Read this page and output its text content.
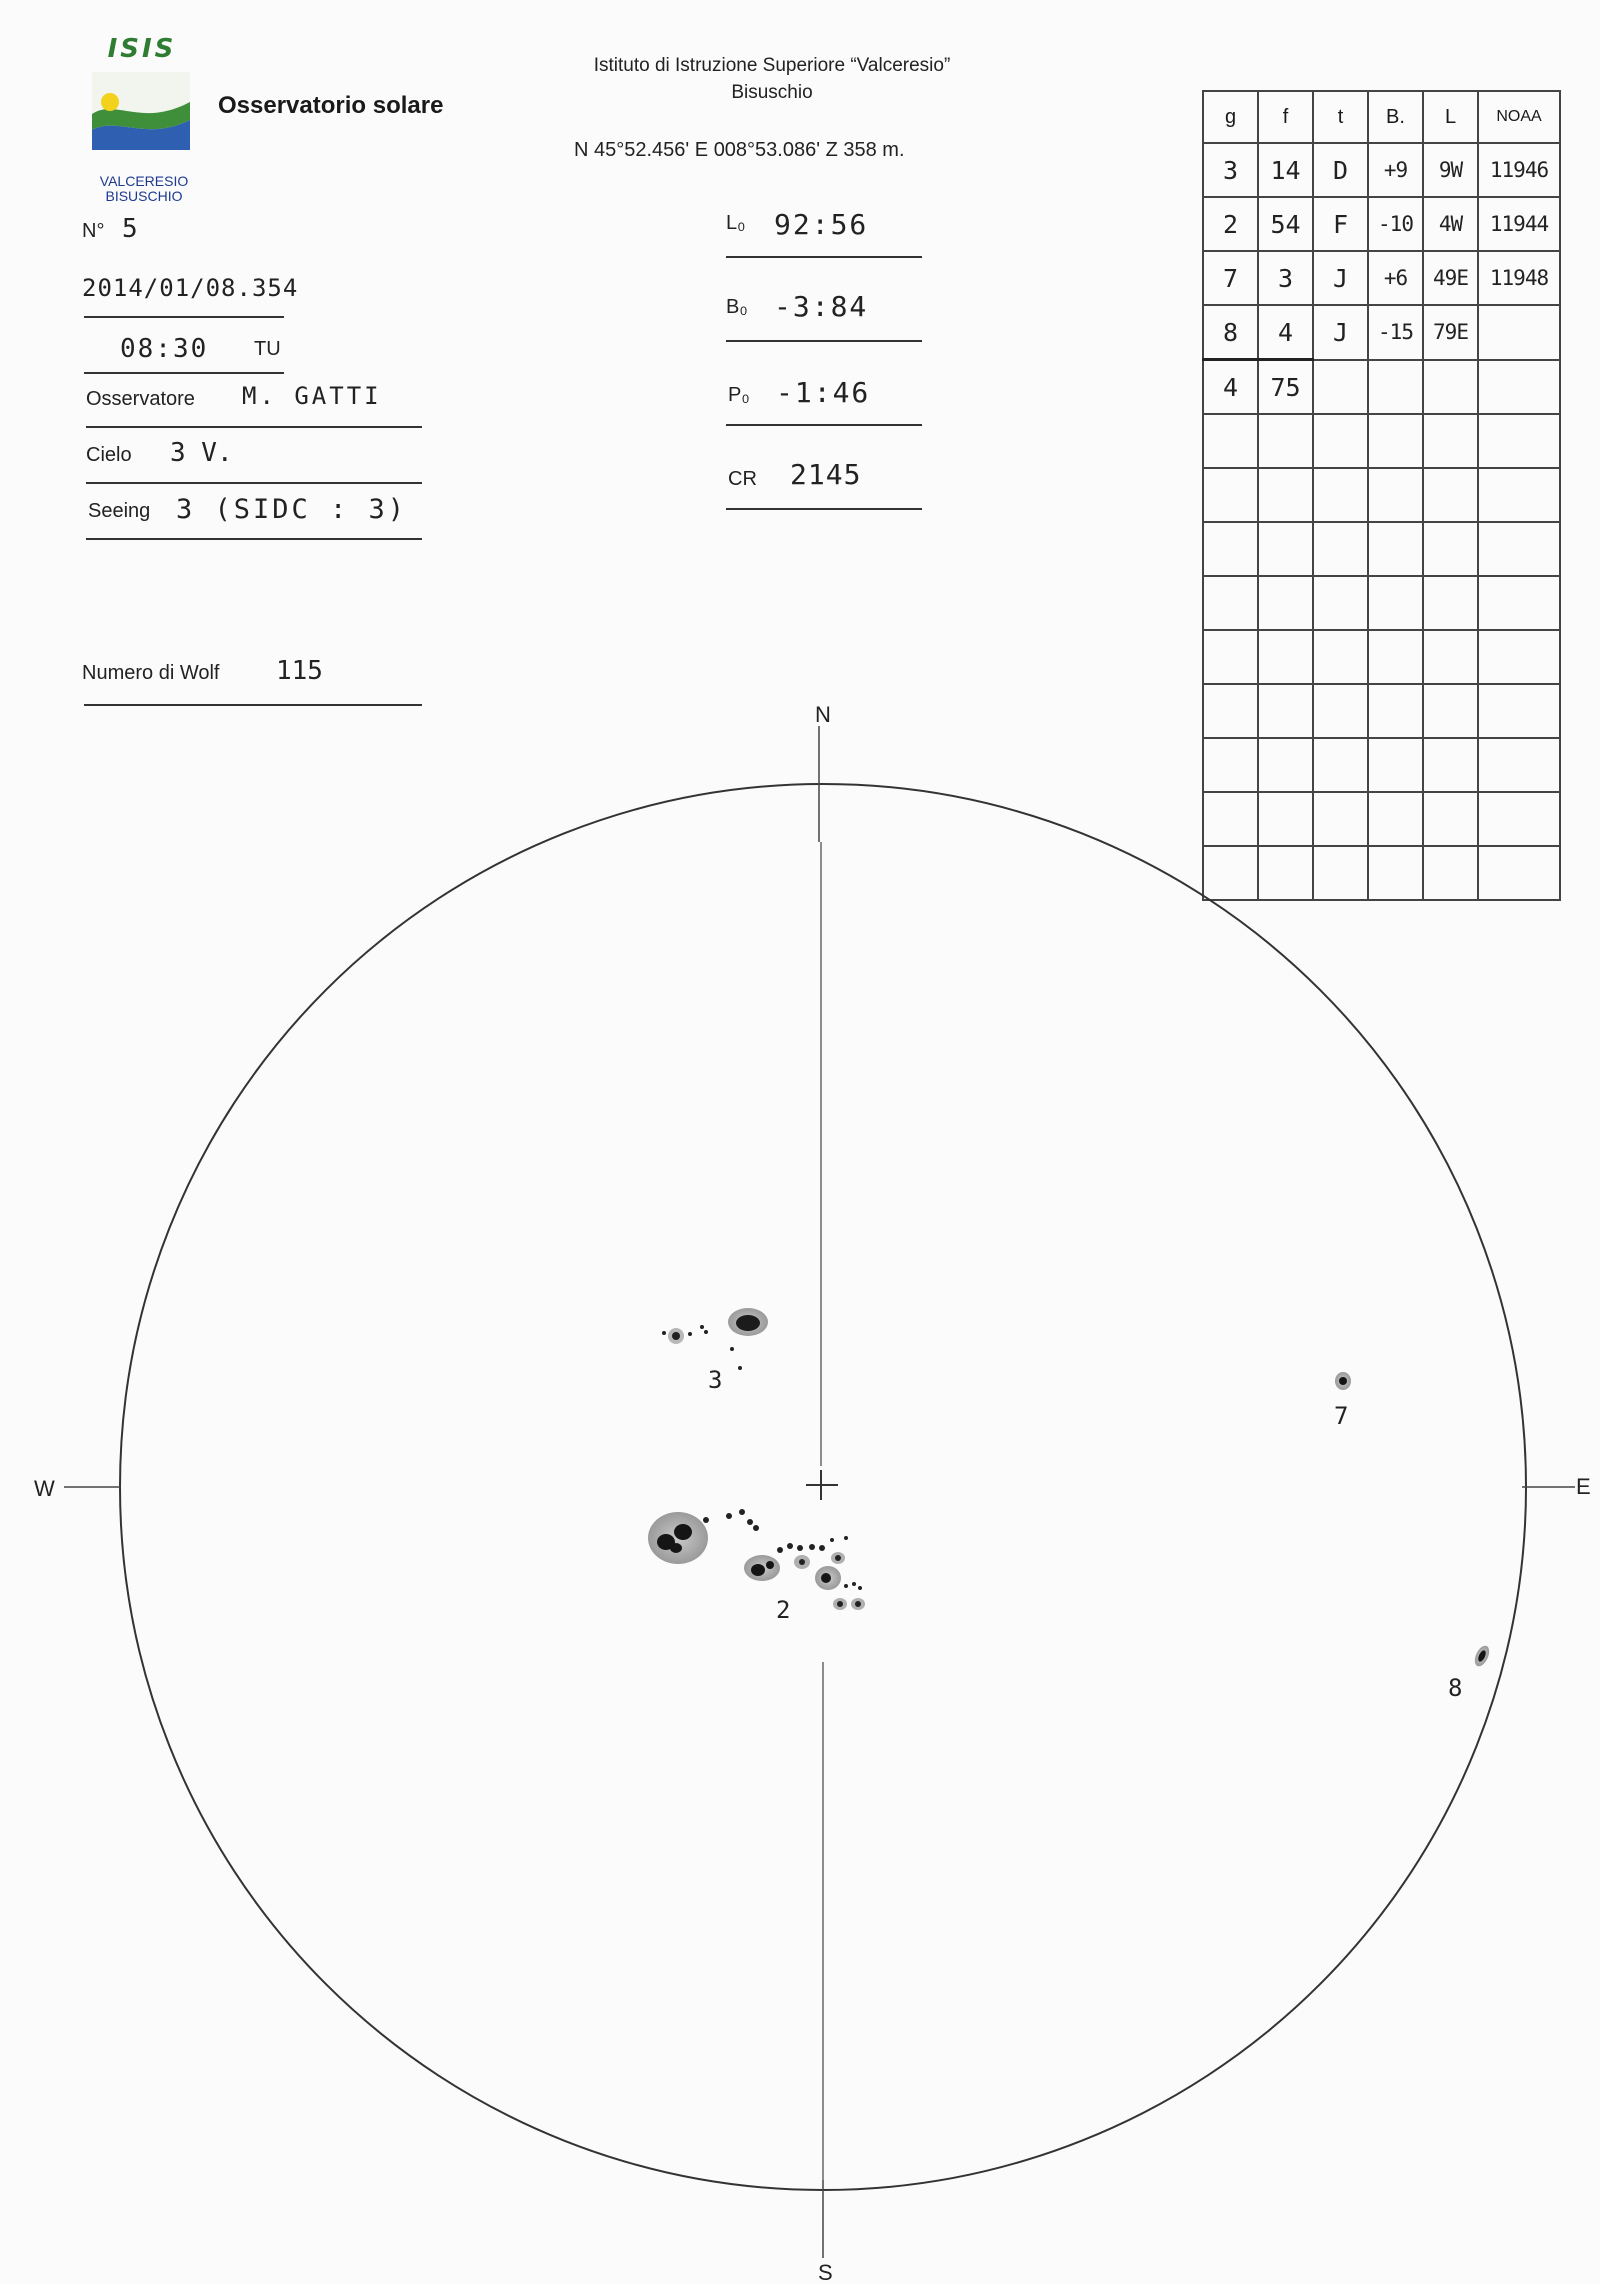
ISIS
VALCERESIO
BISUSCHIO
Osservatorio solare
Istituto di Istruzione Superiore “Valceresio”
Bisuschio
N 45°52.456' E 008°53.086' Z 358 m.
N° 5
2014/01/08.354
08:30 TU
Osservatore M. GATTI
Cielo 3 V.
Seeing 3 (SIDC : 3)
Numero di Wolf 115
L₀ 92:56
B₀ -3:84
P₀ -1:46
CR 2145
g	f	t	B.	L	NOAA
3	14	D	+9	9W	11946
2	54	F	-10	4W	11944
7	3	J	+6	49E	11948
8	4	J	-15	79E	
4	75				

N
S
W	E
3
2
7
8
